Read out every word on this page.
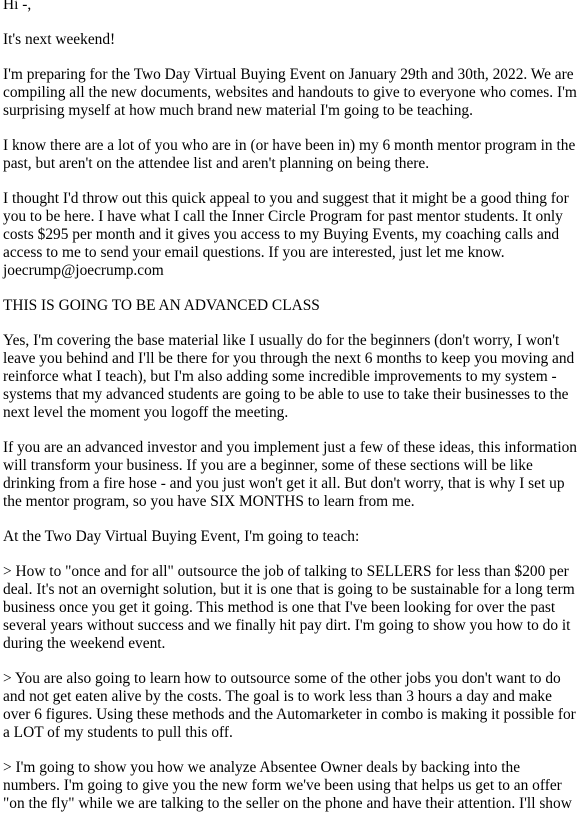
Hi -,

It's next weekend!

I'm preparing for the Two Day Virtual Buying Event on January 29th and 30th, 2022. We are compiling all the new documents, websites and handouts to give to everyone who comes. I'm surprising myself at how much brand new material I'm going to be teaching.

I know there are a lot of you who are in (or have been in) my 6 month mentor program in the past, but aren't on the attendee list and aren't planning on being there.

I thought I'd throw out this quick appeal to you and suggest that it might be a good thing for you to be here. I have what I call the Inner Circle Program for past mentor students. It only costs $295 per month and it gives you access to my Buying Events, my coaching calls and access to me to send your email questions. If you are interested, just let me know.
joecrump@joecrump.com

THIS IS GOING TO BE AN ADVANCED CLASS

Yes, I'm covering the base material like I usually do for the beginners (don't worry, I won't leave you behind and I'll be there for you through the next 6 months to keep you moving and reinforce what I teach), but I'm also adding some incredible improvements to my system - systems that my advanced students are going to be able to use to take their businesses to the next level the moment you logoff the meeting.

If you are an advanced investor and you implement just a few of these ideas, this information will transform your business. If you are a beginner, some of these sections will be like drinking from a fire hose - and you just won't get it all. But don't worry, that is why I set up the mentor program, so you have SIX MONTHS to learn from me.

At the Two Day Virtual Buying Event, I'm going to teach:

> How to "once and for all" outsource the job of talking to SELLERS for less than $200 per deal. It's not an overnight solution, but it is one that is going to be sustainable for a long term business once you get it going. This method is one that I've been looking for over the past several years without success and we finally hit pay dirt. I'm going to show you how to do it during the weekend event.

> You are also going to learn how to outsource some of the other jobs you don't want to do and not get eaten alive by the costs. The goal is to work less than 3 hours a day and make over 6 figures. Using these methods and the Automarketer in combo is making it possible for a LOT of my students to pull this off.

> I'm going to show you how we analyze Absentee Owner deals by backing into the numbers. I'm going to give you the new form we've been using that helps us get to an offer "on the fly" while we are talking to the seller on the phone and have their attention. I'll show
